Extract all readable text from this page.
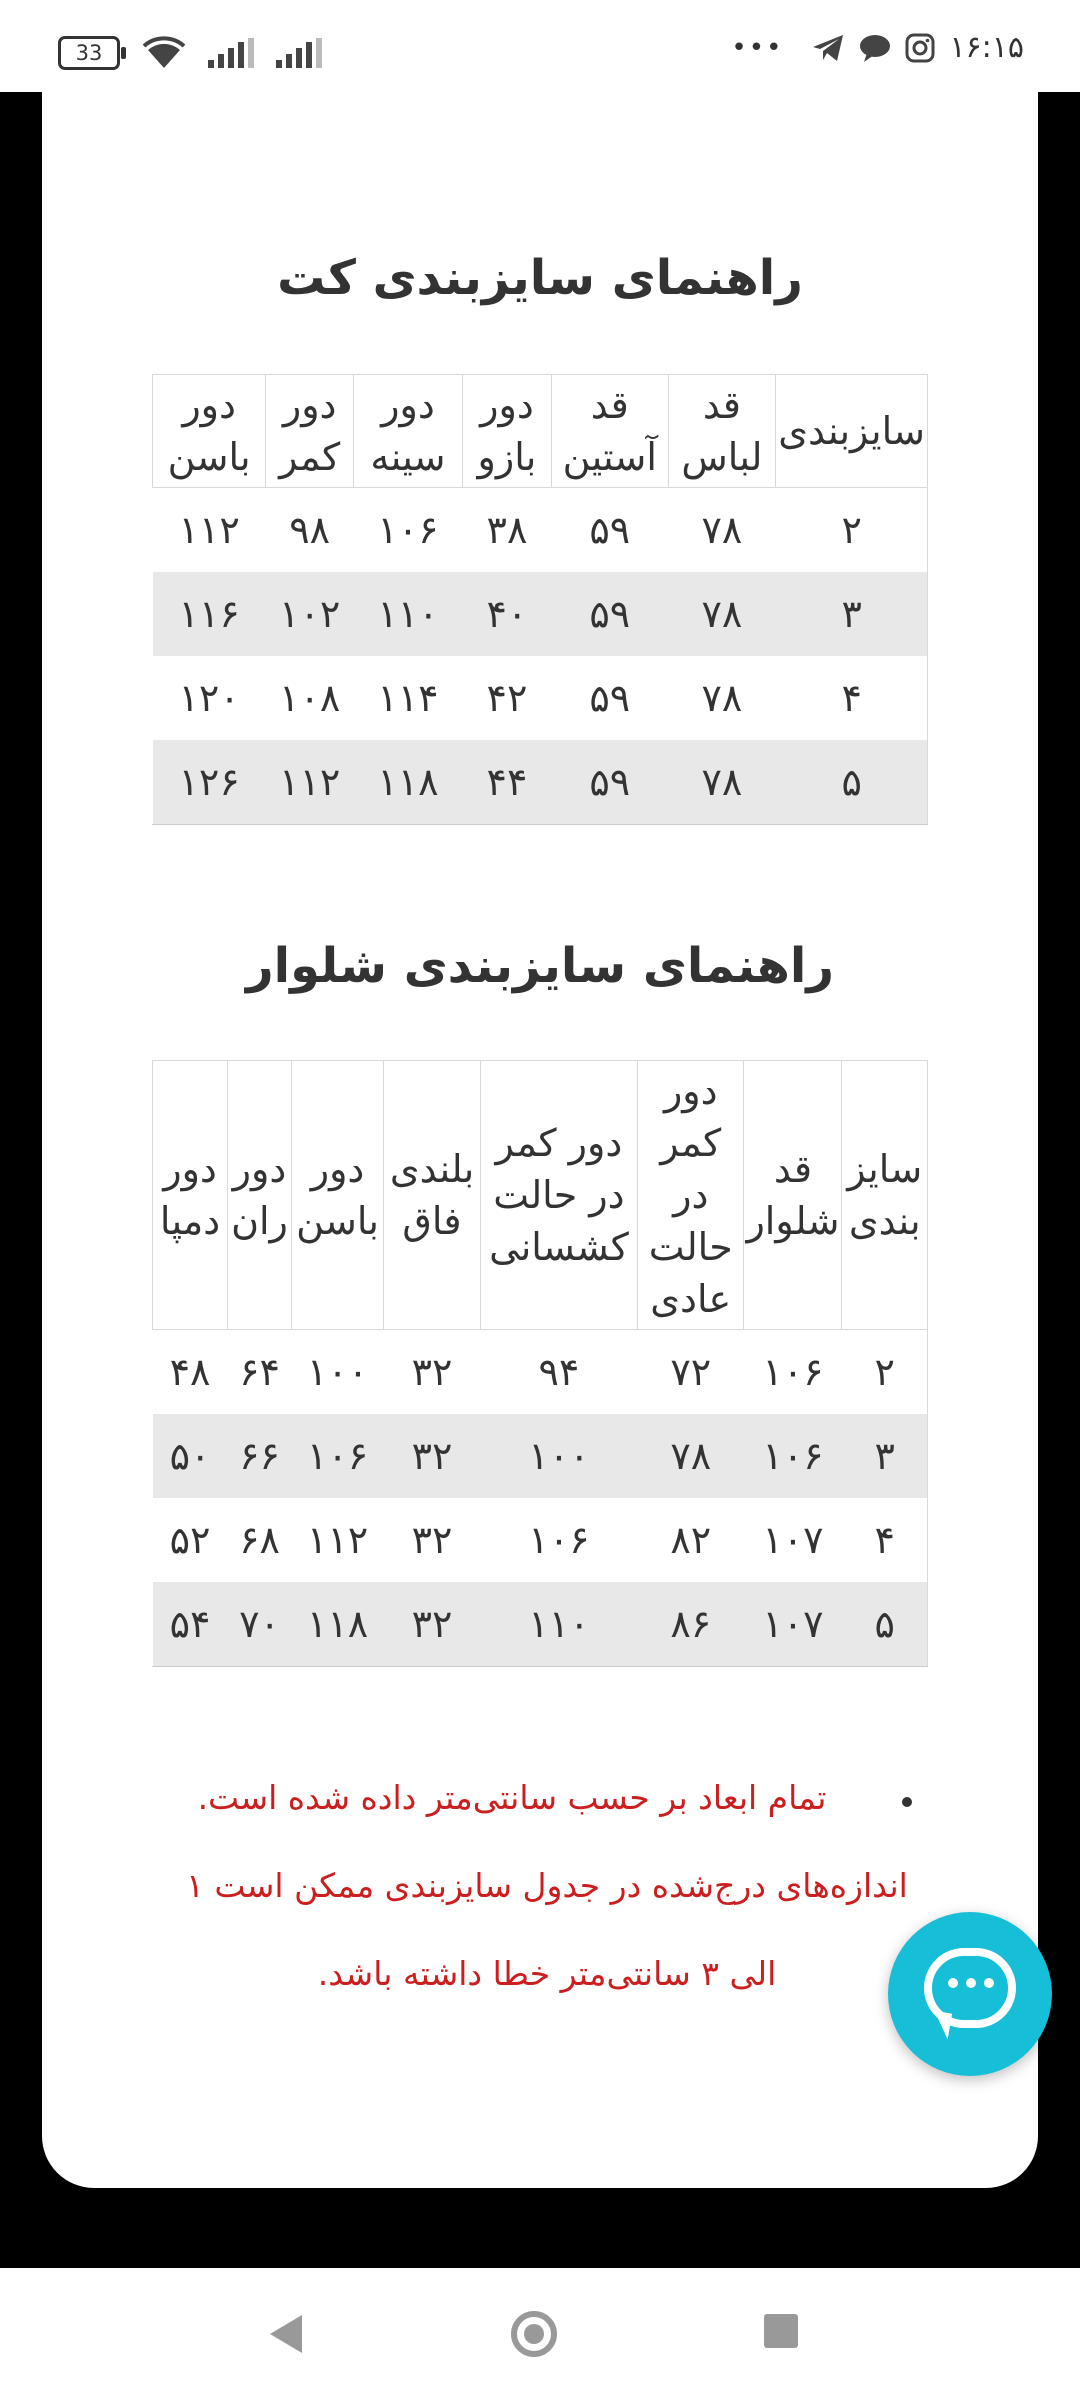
33	•••	۱۶:۱۵
راهنمای سایزبندی کت
سایزبندی	قد لباس	قد آستین	دور بازو	دور سینه	دور کمر	دور باسن
۲	۷۸	۵۹	۳۸	۱۰۶	۹۸	۱۱۲
۳	۷۸	۵۹	۴۰	۱۱۰	۱۰۲	۱۱۶
۴	۷۸	۵۹	۴۲	۱۱۴	۱۰۸	۱۲۰
۵	۷۸	۵۹	۴۴	۱۱۸	۱۱۲	۱۲۶
راهنمای سایزبندی شلوار
سایز بندی	قد شلوار	دور کمر در حالت عادی	دور کمر در حالت کشسانی	بلندی فاق	دور باسن	دور ران	دور دمپا
۲	۱۰۶	۷۲	۹۴	۳۲	۱۰۰	۶۴	۴۸
۳	۱۰۶	۷۸	۱۰۰	۳۲	۱۰۶	۶۶	۵۰
۴	۱۰۷	۸۲	۱۰۶	۳۲	۱۱۲	۶۸	۵۲
۵	۱۰۷	۸۶	۱۱۰	۳۲	۱۱۸	۷۰	۵۴
تمام ابعاد بر حسب سانتی‌متر داده شده است.
اندازه‌های درج‌شده در جدول سایزبندی ممکن است ۱
الی ۳ سانتی‌متر خطا داشته باشد.
